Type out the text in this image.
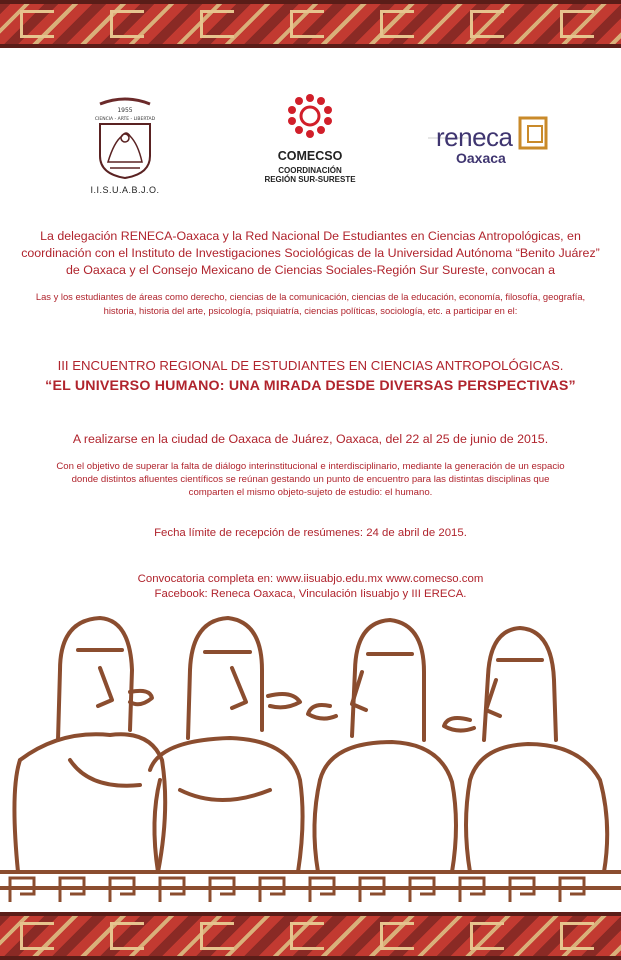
1955
CIENCIA - ARTE - LIBERTAD
I.I.S.U.A.B.J.O.
COMECSO
COORDINACIÓN
REGIÓN SUR-SURESTE
reneca
Oaxaca

La delegación RENECA-Oaxaca y la Red Nacional De Estudiantes en Ciencias Antropológicas, en coordinación con el Instituto de Investigaciones Sociológicas de la Universidad Autónoma “Benito Juárez” de Oaxaca y el Consejo Mexicano de Ciencias Sociales-Región Sur Sureste, convocan a

Las y los estudiantes de áreas como derecho, ciencias de la comunicación, ciencias de la educación, economía, filosofía, geografía, historia, historia del arte, psicología, psiquiatría, ciencias políticas, sociología, etc. a participar en el:

III ENCUENTRO REGIONAL DE ESTUDIANTES EN CIENCIAS ANTROPOLÓGICAS.

“EL UNIVERSO HUMANO: UNA MIRADA DESDE DIVERSAS PERSPECTIVAS”

A realizarse en la ciudad de Oaxaca de Juárez, Oaxaca, del 22 al 25 de junio de 2015.

Con el objetivo de superar la falta de diálogo interinstitucional e interdisciplinario, mediante la generación de un espacio donde distintos afluentes científicos se reúnan gestando un punto de encuentro para las distintas disciplinas que comparten el mismo objeto-sujeto de estudio: el humano.

Fecha límite de recepción de resúmenes: 24 de abril de 2015.

Convocatoria completa en: www.iisuabjo.edu.mx www.comecso.com

Facebook: Reneca Oaxaca, Vinculación Iisuabjo y III ERECA.
